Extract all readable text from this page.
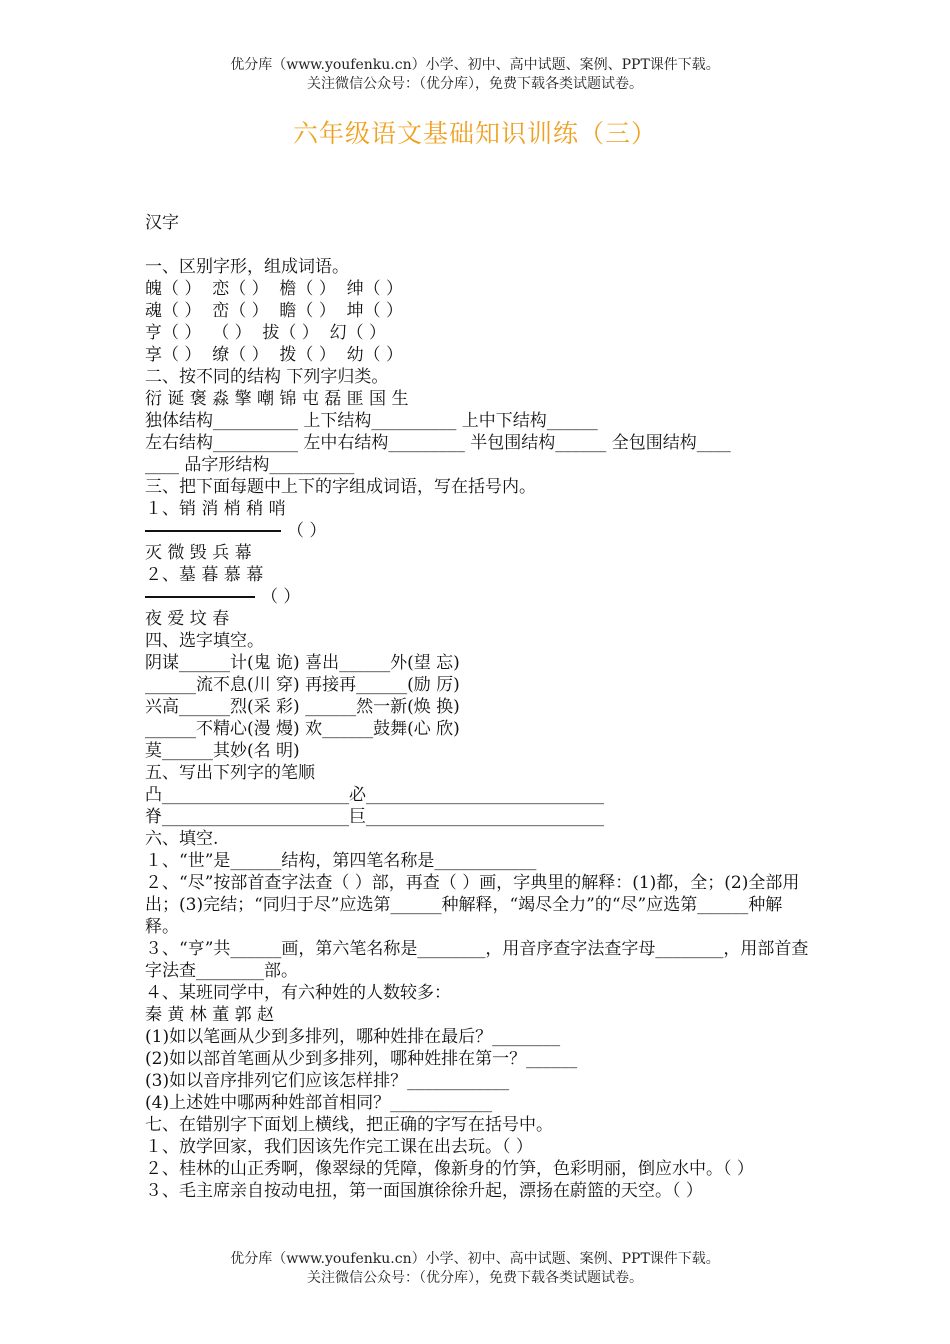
优分库（www.youfenku.cn）小学、初中、高中试题、案例、PPT课件下载。
关注微信公众号：（优分库），免费下载各类试题试卷。
六年级语文基础知识训练（三）
汉字
一、区别字形，组成词语。
魄（ ）  恋（ ）  檐（ ）  绅（ ）
魂（ ）  峦（ ）  瞻（ ）  坤（ ）
亨（ ）  （ ）  拔（ ）  幻（ ）
享（ ）  缭（ ）  拨（ ）  幼（ ）
二、按不同的结构 下列字归类。
衍 诞 褒 淼 擎 嘲 锦 屯 磊 匪 国 生
独体结构__________ 上下结构__________ 上中下结构______
左右结构__________ 左中右结构_________ 半包围结构______ 全包围结构____
____ 品字形结构__________
三、把下面每题中上下的字组成词语，写在括号内。
１、销 消 梢 稍 哨
（ ）
灭 微 毁 兵 幕
２、墓 暮 慕 幕
（ ）
夜 爱 坟 春
四、选字填空。
阴谋______计(鬼 诡) 喜出______外(望 忘)
______流不息(川 穿) 再接再______(励 厉)
兴高______烈(采 彩) ______然一新(焕 换)
______不精心(漫 熳) 欢______鼓舞(心 欣)
莫______其妙(名 明)
五、写出下列字的笔顺
凸______________________必____________________________
脊______________________巨____________________________
六、填空.
１、“世”是______结构，第四笔名称是____________
２、“尽”按部首查字法查（ ）部，再查（ ）画，字典里的解释：(1)都，全；(2)全部用出；(3)完结；“同归于尽”应选第______种解释，“竭尽全力”的“尽”应选第______种解释。
３、“亨”共______画，第六笔名称是________，用音序查字法查字母________，用部首查字法查________部。
４、某班同学中，有六种姓的人数较多：
秦 黄 林 董 郭 赵
(1)如以笔画从少到多排列，哪种姓排在最后？________
(2)如以部首笔画从少到多排列，哪种姓排在第一？______
(3)如以音序排列它们应该怎样排？____________
(4)上述姓中哪两种姓部首相同？____________
七、在错别字下面划上横线，把正确的字写在括号中。
１、放学回家，我们因该先作完工课在出去玩。（ ）
２、桂林的山正秀啊，像翠绿的凭障，像新身的竹笋，色彩明丽，倒应水中。（ ）
３、毛主席亲自按动电扭，第一面国旗徐徐升起，漂扬在蔚篮的天空。（ ）
优分库（www.youfenku.cn）小学、初中、高中试题、案例、PPT课件下载。
关注微信公众号：（优分库），免费下载各类试题试卷。
